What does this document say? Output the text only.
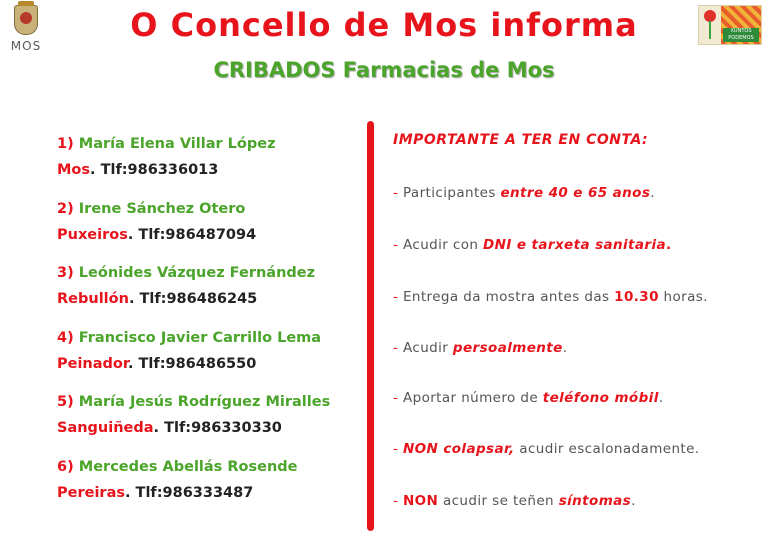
MOS
XUNTOS PODEMOS
O Concello de Mos informa
CRIBADOS Farmacias de Mos
1) María Elena Villar López
Mos. Tlf:986336013
2) Irene Sánchez Otero
Puxeiros. Tlf:986487094
3) Leónides Vázquez Fernández
Rebullón. Tlf:986486245
4) Francisco Javier Carrillo Lema
Peinador. Tlf:986486550
5) María Jesús Rodríguez Miralles
Sanguiñeda. Tlf:986330330
6) Mercedes Abellás Rosende
Pereiras. Tlf:986333487

IMPORTANTE A TER EN CONTA:

- Participantes entre 40 e 65 anos.
- Acudir con DNI e tarxeta sanitaria.
- Entrega da mostra antes das 10.30 horas.
- Acudir persoalmente.
- Aportar número de teléfono móbil.
- NON colapsar, acudir escalonadamente.
- NON acudir se teñen síntomas.
